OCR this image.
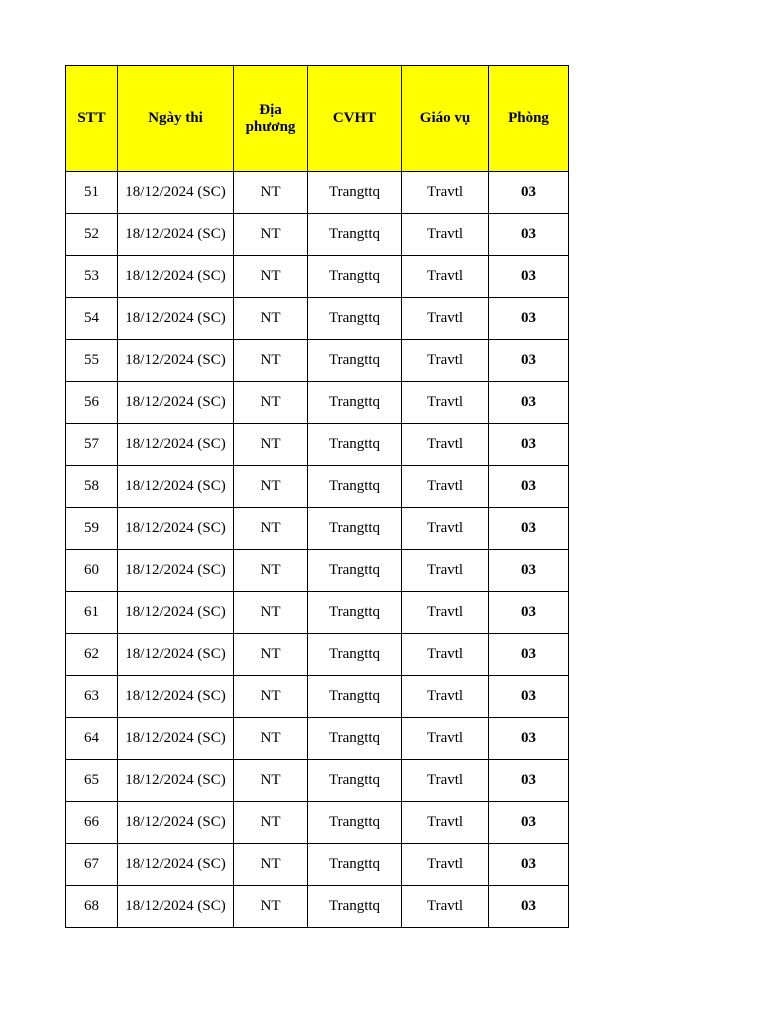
STT	Ngày thi	Địa phương	CVHT	Giáo vụ	Phòng
51	18/12/2024 (SC)	NT	Trangttq	Travtl	03
52	18/12/2024 (SC)	NT	Trangttq	Travtl	03
53	18/12/2024 (SC)	NT	Trangttq	Travtl	03
54	18/12/2024 (SC)	NT	Trangttq	Travtl	03
55	18/12/2024 (SC)	NT	Trangttq	Travtl	03
56	18/12/2024 (SC)	NT	Trangttq	Travtl	03
57	18/12/2024 (SC)	NT	Trangttq	Travtl	03
58	18/12/2024 (SC)	NT	Trangttq	Travtl	03
59	18/12/2024 (SC)	NT	Trangttq	Travtl	03
60	18/12/2024 (SC)	NT	Trangttq	Travtl	03
61	18/12/2024 (SC)	NT	Trangttq	Travtl	03
62	18/12/2024 (SC)	NT	Trangttq	Travtl	03
63	18/12/2024 (SC)	NT	Trangttq	Travtl	03
64	18/12/2024 (SC)	NT	Trangttq	Travtl	03
65	18/12/2024 (SC)	NT	Trangttq	Travtl	03
66	18/12/2024 (SC)	NT	Trangttq	Travtl	03
67	18/12/2024 (SC)	NT	Trangttq	Travtl	03
68	18/12/2024 (SC)	NT	Trangttq	Travtl	03
